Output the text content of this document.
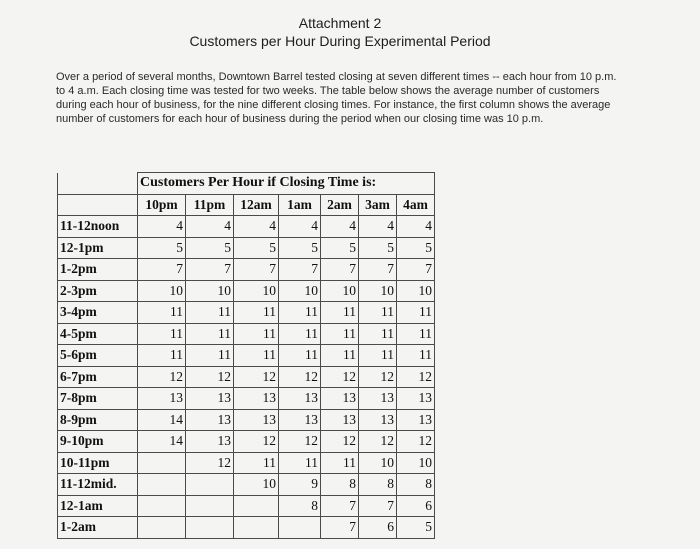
Attachment 2
Customers per Hour During Experimental Period
Over a period of several months, Downtown Barrel tested closing at seven different times -- each hour from 10 p.m. to 4 a.m. Each closing time was tested for two weeks. The table below shows the average number of customers during each hour of business, for the nine different closing times. For instance, the first column shows the average number of customers for each hour of business during the period when our closing time was 10 p.m.
	Customers Per Hour if Closing Time is:						
	10pm	11pm	12am	1am	2am	3am	4am
11-12noon	4	4	4	4	4	4	4
12-1pm	5	5	5	5	5	5	5
1-2pm	7	7	7	7	7	7	7
2-3pm	10	10	10	10	10	10	10
3-4pm	11	11	11	11	11	11	11
4-5pm	11	11	11	11	11	11	11
5-6pm	11	11	11	11	11	11	11
6-7pm	12	12	12	12	12	12	12
7-8pm	13	13	13	13	13	13	13
8-9pm	14	13	13	13	13	13	13
9-10pm	14	13	12	12	12	12	12
10-11pm		12	11	11	11	10	10
11-12mid.			10	9	8	8	8
12-1am				8	7	7	6
1-2am					7	6	5
